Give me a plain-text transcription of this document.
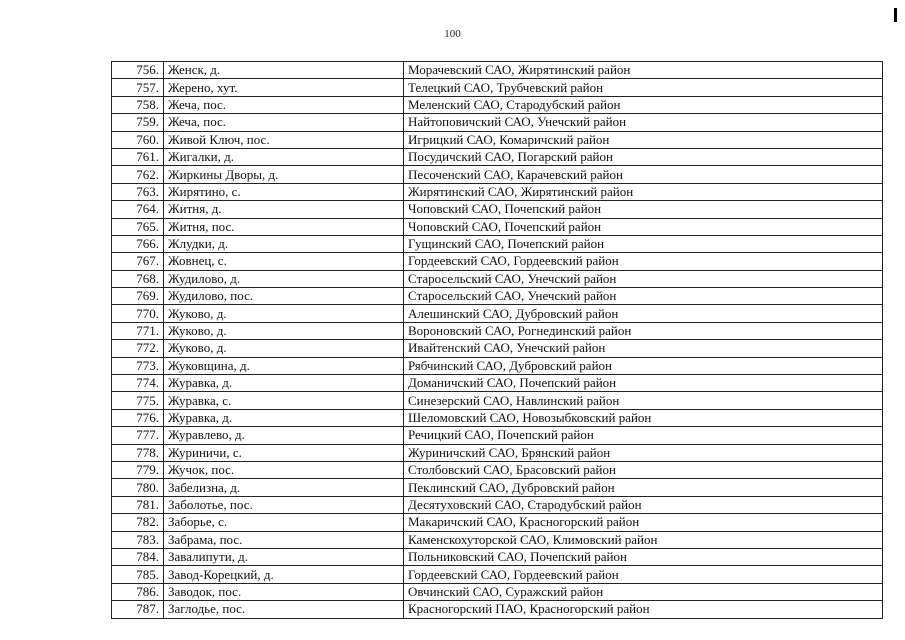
100
756.	Женск, д.	Морачевский САО, Жирятинский район
757.	Жерено, хут.	Телецкий САО, Трубчевский район
758.	Жеча, пос.	Меленский САО, Стародубский район
759.	Жеча, пос.	Найтоповичский САО, Унечский район
760.	Живой Ключ, пос.	Игрицкий САО, Комаричский район
761.	Жигалки, д.	Посудичский САО, Погарский район
762.	Жиркины Дворы, д.	Песоченский САО, Карачевский район
763.	Жирятино, с.	Жирятинский САО, Жирятинский район
764.	Житня, д.	Чоповский САО, Почепский район
765.	Житня, пос.	Чоповский САО, Почепский район
766.	Жлудки, д.	Гущинский САО, Почепский район
767.	Жовнец, с.	Гордеевский САО, Гордеевский район
768.	Жудилово, д.	Старосельский САО, Унечский район
769.	Жудилово, пос.	Старосельский САО, Унечский район
770.	Жуково, д.	Алешинский САО, Дубровский район
771.	Жуково, д.	Вороновский САО, Рогнединский район
772.	Жуково, д.	Ивайтенский САО, Унечский район
773.	Жуковщина, д.	Рябчинский САО, Дубровский район
774.	Журавка, д.	Доманичский САО, Почепский район
775.	Журавка, с.	Синезерский САО, Навлинский район
776.	Журавка, д.	Шеломовский САО, Новозыбковский район
777.	Журавлево, д.	Речицкий САО, Почепский район
778.	Журиничи, с.	Журиничский САО, Брянский район
779.	Жучок, пос.	Столбовский САО, Брасовский район
780.	Забелизна, д.	Пеклинский САО, Дубровский район
781.	Заболотье, пос.	Десятуховский САО, Стародубский район
782.	Заборье, с.	Макаричский САО, Красногорский район
783.	Забрама, пос.	Каменскохуторской САО, Климовский район
784.	Завалипути, д.	Польниковский САО, Почепский район
785.	Завод-Корецкий, д.	Гордеевский САО, Гордеевский район
786.	Заводок, пос.	Овчинский САО, Суражский район
787.	Заглодье, пос.	Красногорский ПАО, Красногорский район
